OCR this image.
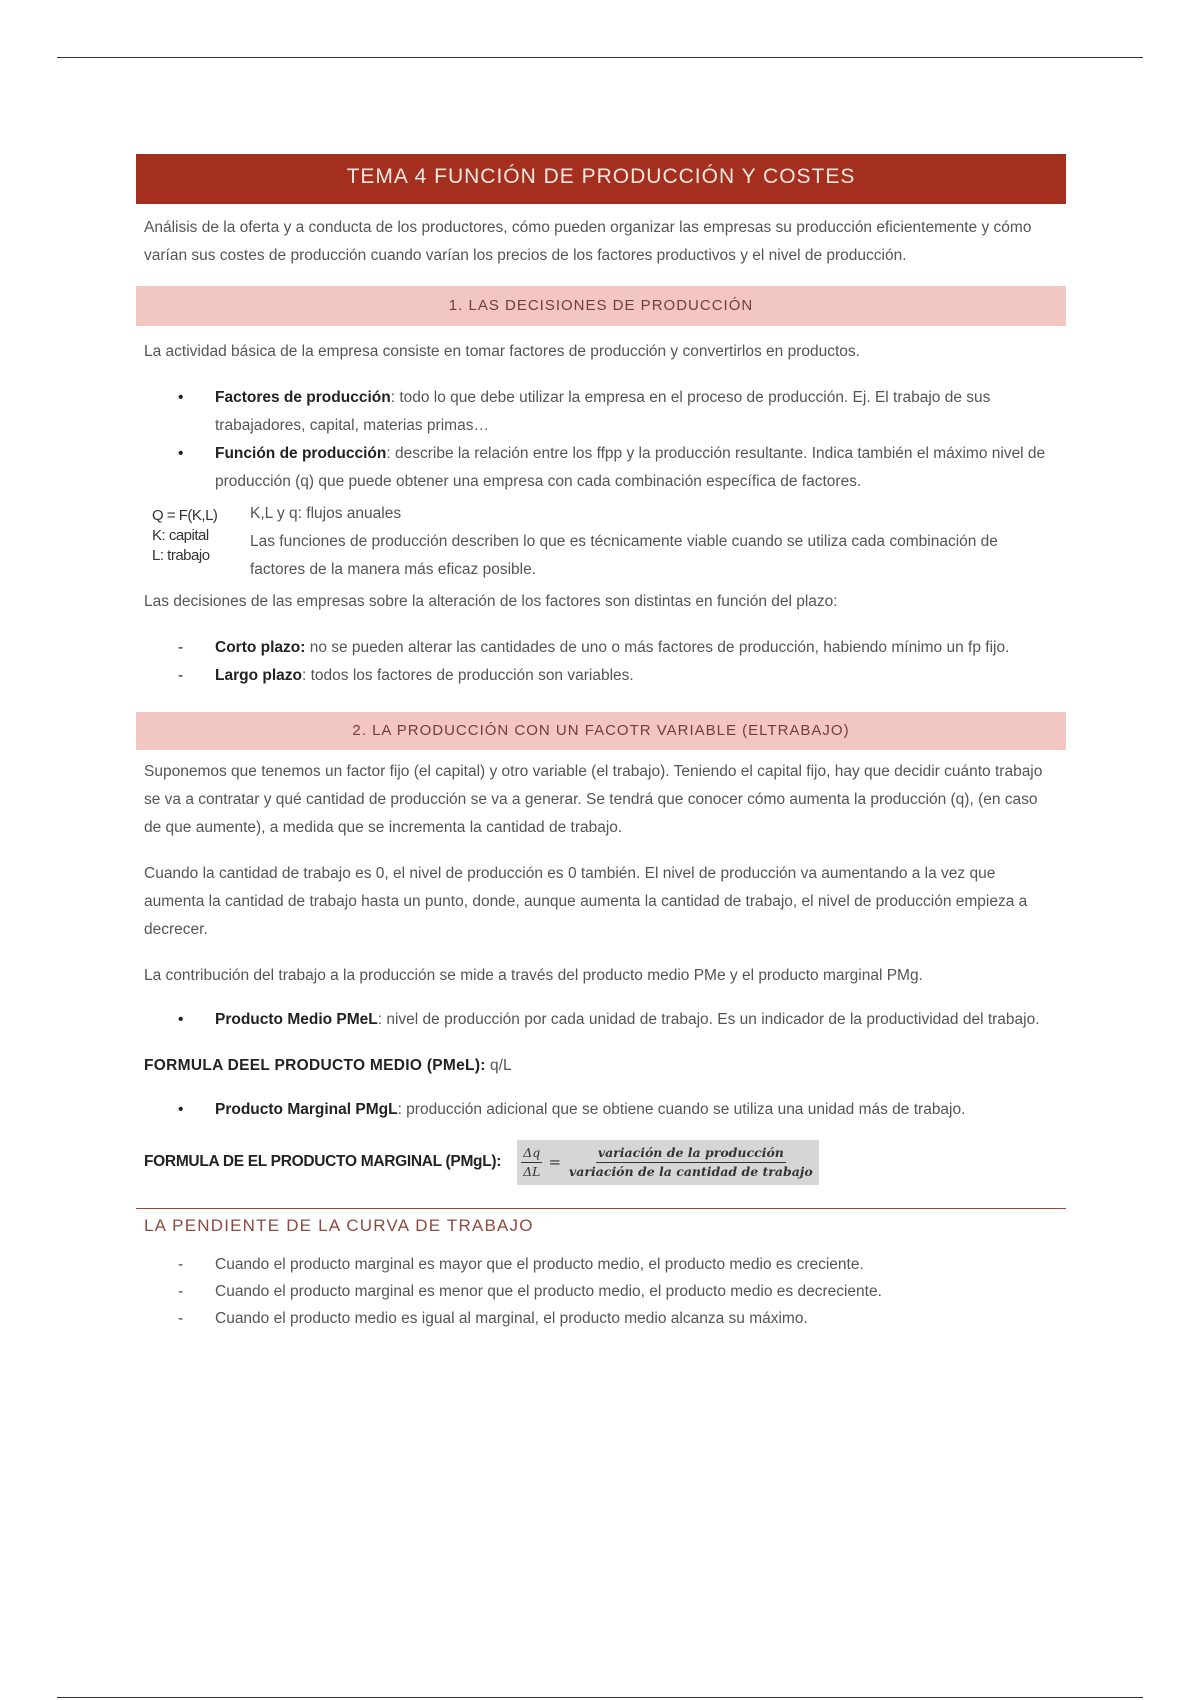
TEMA 4 FUNCIÓN DE PRODUCCIÓN Y COSTES
Análisis de la oferta y a conducta de los productores, cómo pueden organizar las empresas su producción eficientemente y cómo varían sus costes de producción cuando varían los precios de los factores productivos y el nivel de producción.
1. LAS DECISIONES DE PRODUCCIÓN

La actividad básica de la empresa consiste en tomar factores de producción y convertirlos en productos.

• Factores de producción: todo lo que debe utilizar la empresa en el proceso de producción. Ej. El trabajo de sus trabajadores, capital, materias primas…
• Función de producción: describe la relación entre los ffpp y la producción resultante. Indica también el máximo nivel de producción (q) que puede obtener una empresa con cada combinación específica de factores.
Q = F(K,L)
K: capital
L: trabajo
K,L y q: flujos anuales
Las funciones de producción describen lo que es técnicamente viable cuando se utiliza cada combinación de factores de la manera más eficaz posible.

Las decisiones de las empresas sobre la alteración de los factores son distintas en función del plazo:

- Corto plazo: no se pueden alterar las cantidades de uno o más factores de producción, habiendo mínimo un fp fijo.
- Largo plazo: todos los factores de producción son variables.
2. LA PRODUCCIÓN CON UN FACOTR VARIABLE (ELTRABAJO)

Suponemos que tenemos un factor fijo (el capital) y otro variable (el trabajo). Teniendo el capital fijo, hay que decidir cuánto trabajo se va a contratar y qué cantidad de producción se va a generar. Se tendrá que conocer cómo aumenta la producción (q), (en caso de que aumente), a medida que se incrementa la cantidad de trabajo.

Cuando la cantidad de trabajo es 0, el nivel de producción es 0 también. El nivel de producción va aumentando a la vez que aumenta la cantidad de trabajo hasta un punto, donde, aunque aumenta la cantidad de trabajo, el nivel de producción empieza a decrecer.

La contribución del trabajo a la producción se mide a través del producto medio PMe y el producto marginal PMg.

• Producto Medio PMeL: nivel de producción por cada unidad de trabajo. Es un indicador de la productividad del trabajo.
FORMULA DEEL PRODUCTO MEDIO (PMeL): q/L
• Producto Marginal PMgL: producción adicional que se obtiene cuando se utiliza una unidad más de trabajo.
FORMULA DE EL PRODUCTO MARGINAL (PMgL): $\frac{\Delta q}{\Delta L} = \frac{\text{variación de la producción}}{\text{variación de la cantidad de trabajo}}$
LA PENDIENTE DE LA CURVA DE TRABAJO
- Cuando el producto marginal es mayor que el producto medio, el producto medio es creciente.
- Cuando el producto marginal es menor que el producto medio, el producto medio es decreciente.
- Cuando el producto medio es igual al marginal, el producto medio alcanza su máximo.
